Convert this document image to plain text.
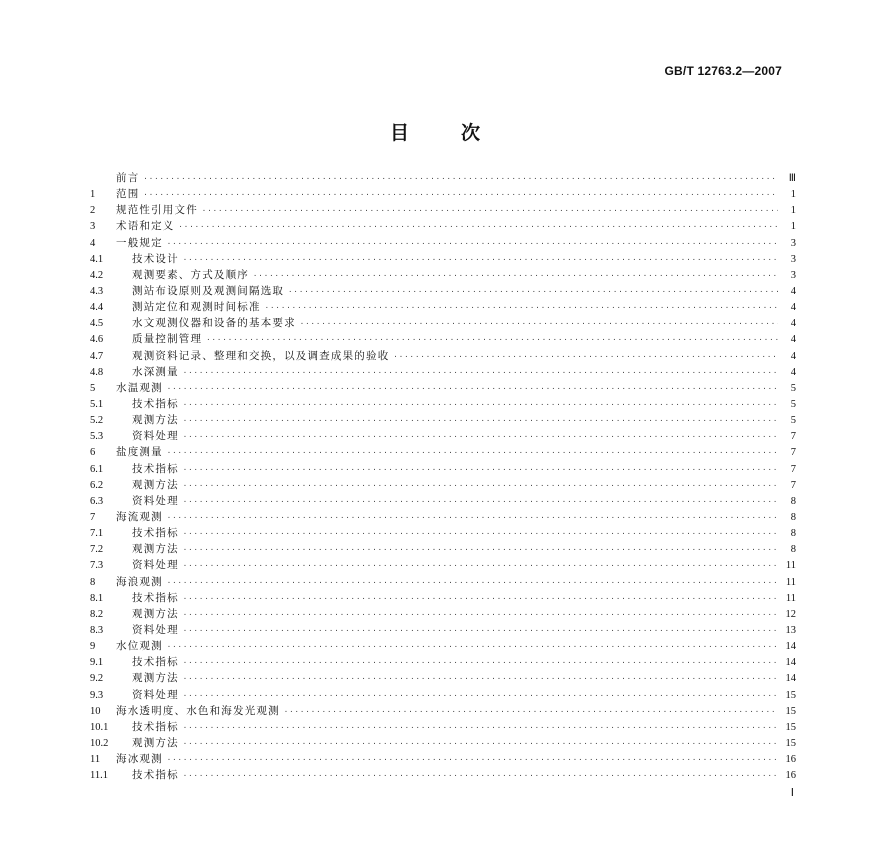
GB/T 12763.2—2007
目	次
前言 ·····	Ⅲ
1	范围 ·····	1
2	规范性引用文件 ·····	1
3	术语和定义 ·····	1
4	一般规定 ·····	3
4.1	技术设计 ·····	3
4.2	观测要素、方式及顺序 ·····	3
4.3	测站布设原则及观测间隔选取 ·····	4
4.4	测站定位和观测时间标准 ·····	4
4.5	水文观测仪器和设备的基本要求 ·····	4
4.6	质量控制管理 ·····	4
4.7	观测资料记录、整理和交换，以及调查成果的验收 ·····	4
4.8	水深测量 ·····	4
5	水温观测 ·····	5
5.1	技术指标 ·····	5
5.2	观测方法 ·····	5
5.3	资料处理 ·····	7
6	盐度测量 ·····	7
6.1	技术指标 ·····	7
6.2	观测方法 ·····	7
6.3	资料处理 ·····	8
7	海流观测 ·····	8
7.1	技术指标 ·····	8
7.2	观测方法 ·····	8
7.3	资料处理 ·····	11
8	海浪观测 ·····	11
8.1	技术指标 ·····	11
8.2	观测方法 ·····	12
8.3	资料处理 ·····	13
9	水位观测 ·····	14
9.1	技术指标 ·····	14
9.2	观测方法 ·····	14
9.3	资料处理 ·····	15
10	海水透明度、水色和海发光观测 ·····	15
10.1	技术指标 ·····	15
10.2	观测方法 ·····	15
11	海冰观测 ·····	16
11.1	技术指标 ·····	16
Ⅰ
